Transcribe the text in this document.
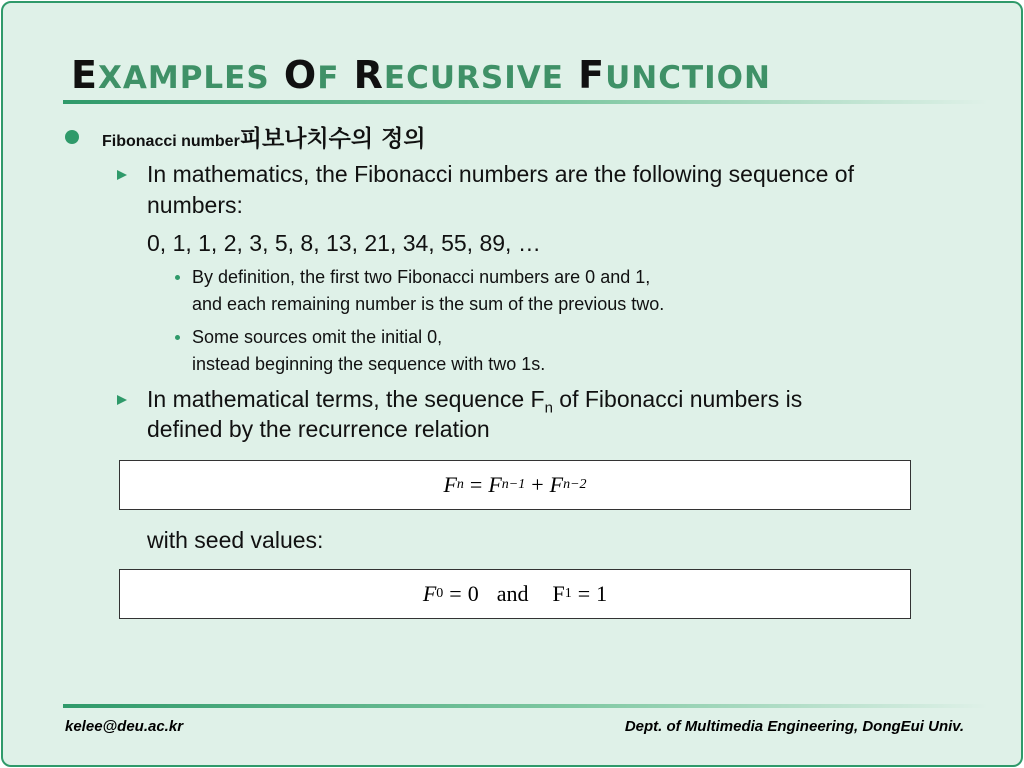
EXAMPLES OF RECURSIVE FUNCTION
Fibonacci number피보나치수의 정의
In mathematics, the Fibonacci numbers are the following sequence of
numbers:
0, 1, 1, 2, 3, 5, 8, 13, 21, 34, 55, 89, …
By definition, the first two Fibonacci numbers are 0 and 1,
and each remaining number is the sum of the previous two.
Some sources omit the initial 0,
instead beginning the sequence with two 1s.
In mathematical terms, the sequence $F_n$ of Fibonacci numbers is
defined by the recurrence relation
F n = F n−1 + F n−2
with seed values:
F 0 = 0 and F 1 = 1
kelee@deu.ac.kr	Dept. of Multimedia Engineering, DongEui Univ.
